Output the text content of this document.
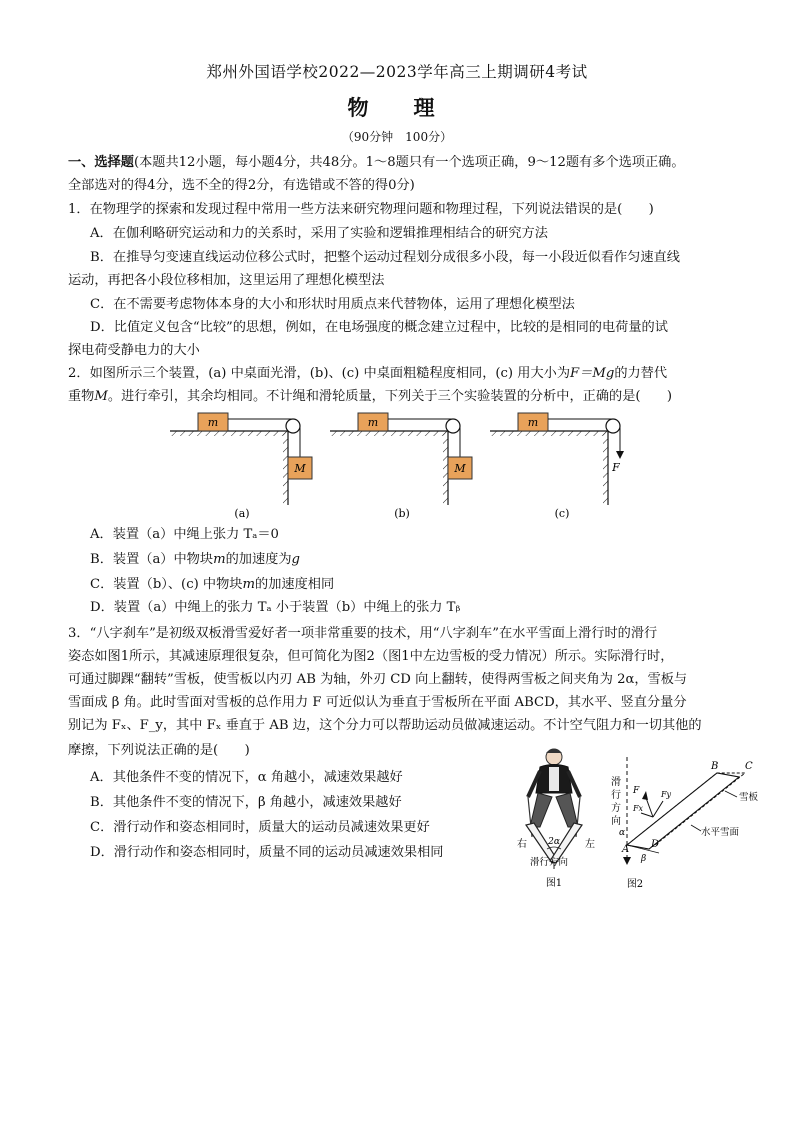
郑州外国语学校2022—2023学年高三上期调研4考试
物　理
（90分钟　100分）
一、选择题(本题共12小题，每小题4分，共48分。1～8题只有一个选项正确，9～12题有多个选项正确。
全部选对的得4分，选不全的得2分，有选错或不答的得0分)
1．在物理学的探索和发现过程中常用一些方法来研究物理问题和物理过程，下列说法错误的是(　　)
A．在伽利略研究运动和力的关系时，采用了实验和逻辑推理相结合的研究方法
B．在推导匀变速直线运动位移公式时，把整个运动过程划分成很多小段，每一小段近似看作匀速直线
运动，再把各小段位移相加，这里运用了理想化模型法
C．在不需要考虑物体本身的大小和形状时用质点来代替物体，运用了理想化模型法
D．比值定义包含“比较”的思想，例如，在电场强度的概念建立过程中，比较的是相同的电荷量的试
探电荷受静电力的大小
2．如图所示三个装置，(a) 中桌面光滑，(b)、(c) 中桌面粗糙程度相同，(c) 用大小为F＝Mg的力替代
重物M。进行牵引，其余均相同。不计绳和滑轮质量，下列关于三个实验装置的分析中，正确的是(　　)
m
M
(a)
m
M
(b)
m
F
(c)
A．装置（a）中绳上张力 Tₐ＝0
B．装置（a）中物块m的加速度为g
C．装置（b）、(c) 中物块m的加速度相同
D．装置（a）中绳上的张力 Tₐ 小于装置（b）中绳上的张力 Tᵦ
3．“八字刹车”是初级双板滑雪爱好者一项非常重要的技术，用“八字刹车”在水平雪面上滑行时的滑行
姿态如图1所示，其减速原理很复杂，但可简化为图2（图1中左边雪板的受力情况）所示。实际滑行时，
可通过脚踝“翻转”雪板，使雪板以内刃 AB 为轴，外刃 CD 向上翻转，使得两雪板之间夹角为 2α，雪板与
雪面成 β 角。此时雪面对雪板的总作用力 F 可近似认为垂直于雪板所在平面 ABCD，其水平、竖直分量分
别记为 Fₓ、F_y，其中 Fₓ 垂直于 AB 边，这个分力可以帮助运动员做减速运动。不计空气阻力和一切其他的
摩擦，下列说法正确的是(　　)
A．其他条件不变的情况下，α 角越小，减速效果越好
B．其他条件不变的情况下，β 角越小，减速效果越好
C．滑行动作和姿态相同时，质量大的运动员减速效果更好
D．滑行动作和姿态相同时，质量不同的运动员减速效果相同
2α
右	左
滑行方向
图1
滑
行
方
向
A
B	C
D
α
β
F	Fy
Fx
雪板
水平雪面
图2
